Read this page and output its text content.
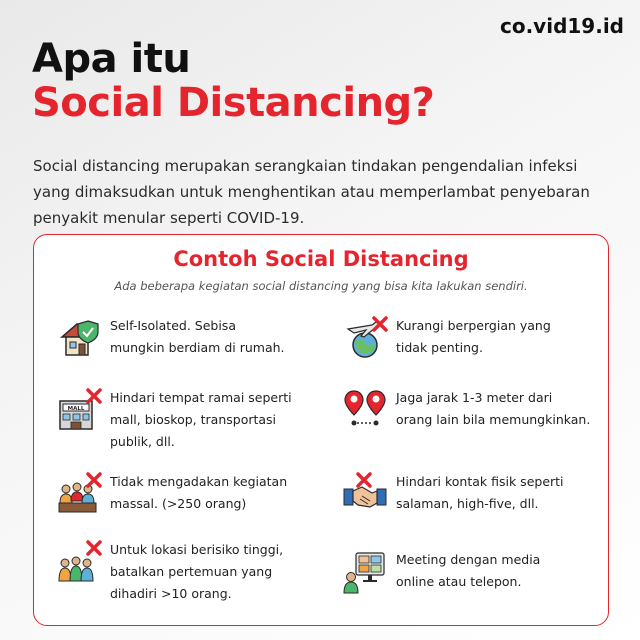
co.vid19.id
Apa itu
Social Distancing?

Social distancing merupakan serangkaian tindakan pengendalian infeksi yang dimaksudkan untuk menghentikan atau memperlambat penyebaran penyakit menular seperti COVID-19.

Contoh Social Distancing
Ada beberapa kegiatan social distancing yang bisa kita lakukan sendiri.
Self-Isolated. Sebisa
mungkin berdiam di rumah.
Kurangi berpergian yang
tidak penting.
MALL
Hindari tempat ramai seperti
mall, bioskop, transportasi
publik, dll.
Jaga jarak 1-3 meter dari
orang lain bila memungkinkan.
Tidak mengadakan kegiatan
massal. (>250 orang)
Hindari kontak fisik seperti
salaman, high-five, dll.
Untuk lokasi berisiko tinggi,
batalkan pertemuan yang
dihadiri >10 orang.
Meeting dengan media
online atau telepon.
